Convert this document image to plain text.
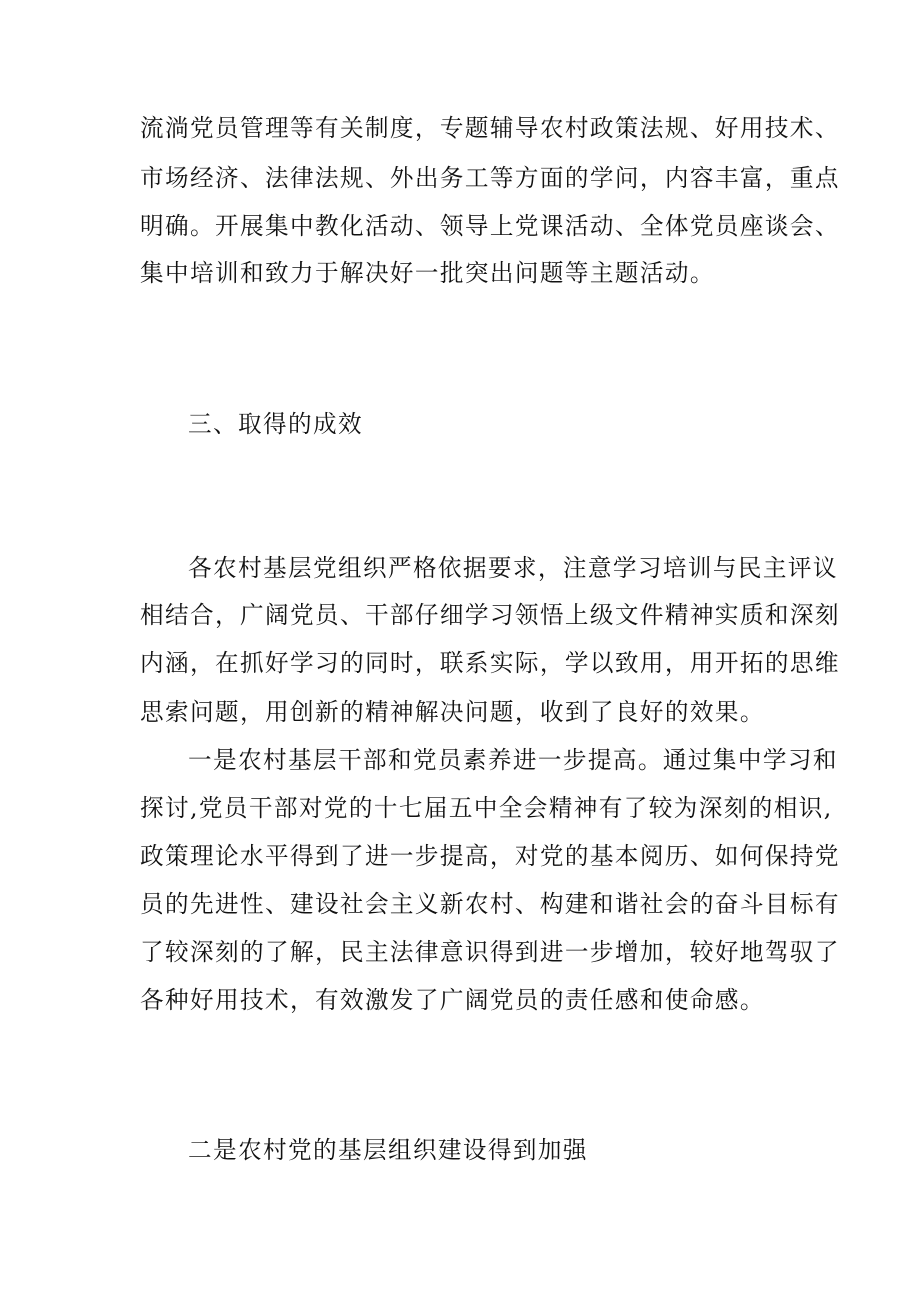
流淌党员管理等有关制度，专题辅导农村政策法规、好用技术、
市场经济、法律法规、外出务工等方面的学问，内容丰富，重点
明确。开展集中教化活动、领导上党课活动、全体党员座谈会、
集中培训和致力于解决好一批突出问题等主题活动。
三、取得的成效
各农村基层党组织严格依据要求，注意学习培训与民主评议
相结合，广阔党员、干部仔细学习领悟上级文件精神实质和深刻
内涵，在抓好学习的同时，联系实际，学以致用，用开拓的思维
思索问题，用创新的精神解决问题，收到了良好的效果。
一是农村基层干部和党员素养进一步提高。通过集中学习和
探讨,党员干部对党的十七届五中全会精神有了较为深刻的相识,
政策理论水平得到了进一步提高，对党的基本阅历、如何保持党
员的先进性、建设社会主义新农村、构建和谐社会的奋斗目标有
了较深刻的了解，民主法律意识得到进一步增加，较好地驾驭了
各种好用技术，有效激发了广阔党员的责任感和使命感。
二是农村党的基层组织建设得到加强
